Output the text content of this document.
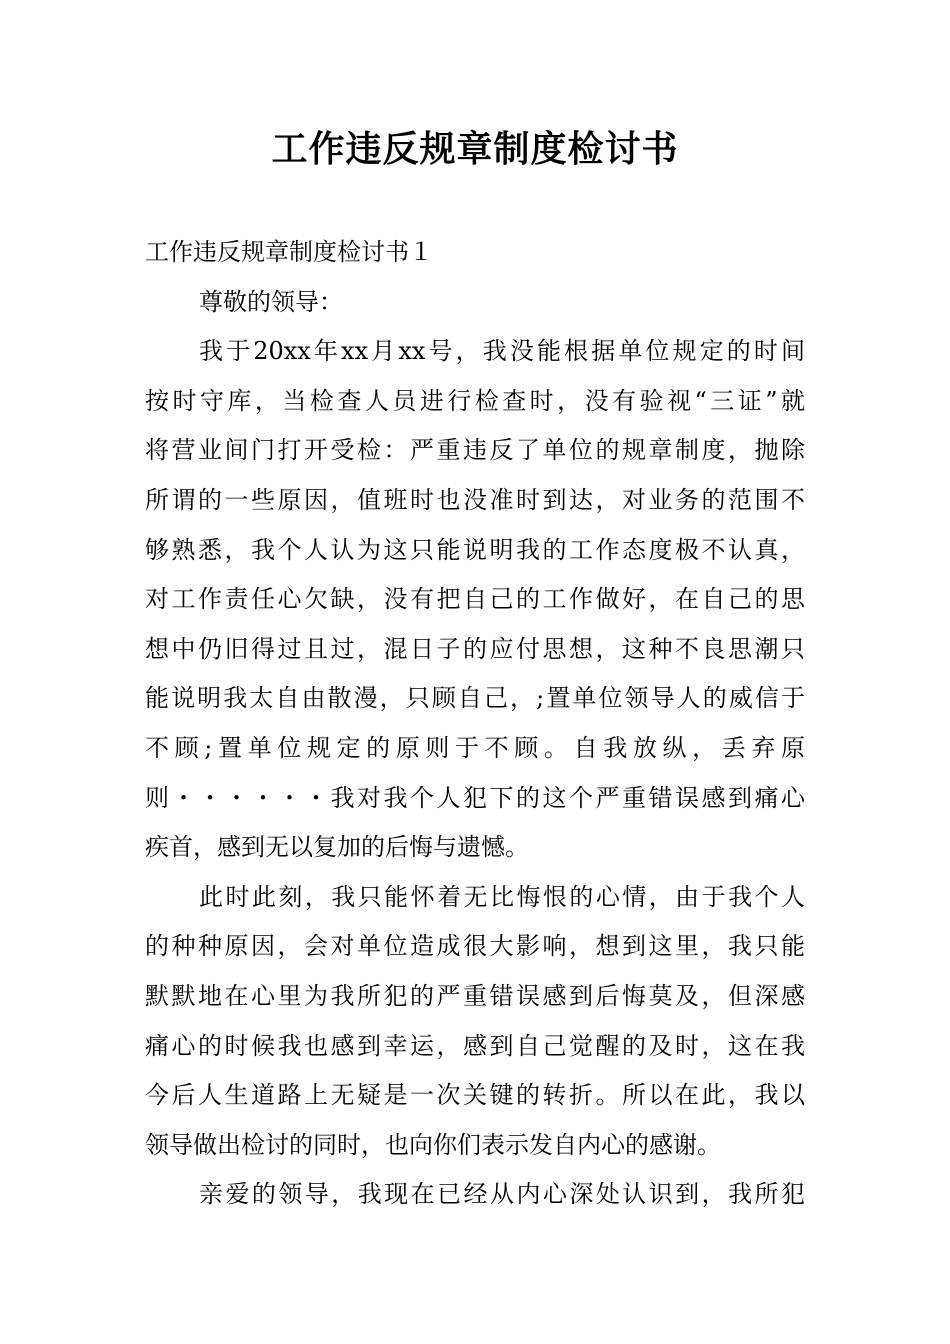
工作违反规章制度检讨书
工作违反规章制度检讨书１
尊敬的领导：
我于20xx年xx月xx号，我没能根据单位规定的时间
按时守库，当检查人员进行检查时，没有验视“三证”就
将营业间门打开受检：严重违反了单位的规章制度，抛除
所谓的一些原因，值班时也没准时到达，对业务的范围不
够熟悉，我个人认为这只能说明我的工作态度极不认真，
对工作责任心欠缺，没有把自己的工作做好，在自己的思
想中仍旧得过且过，混日子的应付思想，这种不良思潮只
能说明我太自由散漫，只顾自己，;置单位领导人的威信于
不顾;置单位规定的原则于不顾。自我放纵，丢弃原
则・・・・・・我对我个人犯下的这个严重错误感到痛心
疾首，感到无以复加的后悔与遗憾。
此时此刻，我只能怀着无比悔恨的心情，由于我个人
的种种原因，会对单位造成很大影响，想到这里，我只能
默默地在心里为我所犯的严重错误感到后悔莫及，但深感
痛心的时候我也感到幸运，感到自己觉醒的及时，这在我
今后人生道路上无疑是一次关键的转折。所以在此，我以
领导做出检讨的同时，也向你们表示发自内心的感谢。
亲爱的领导，我现在已经从内心深处认识到，我所犯
